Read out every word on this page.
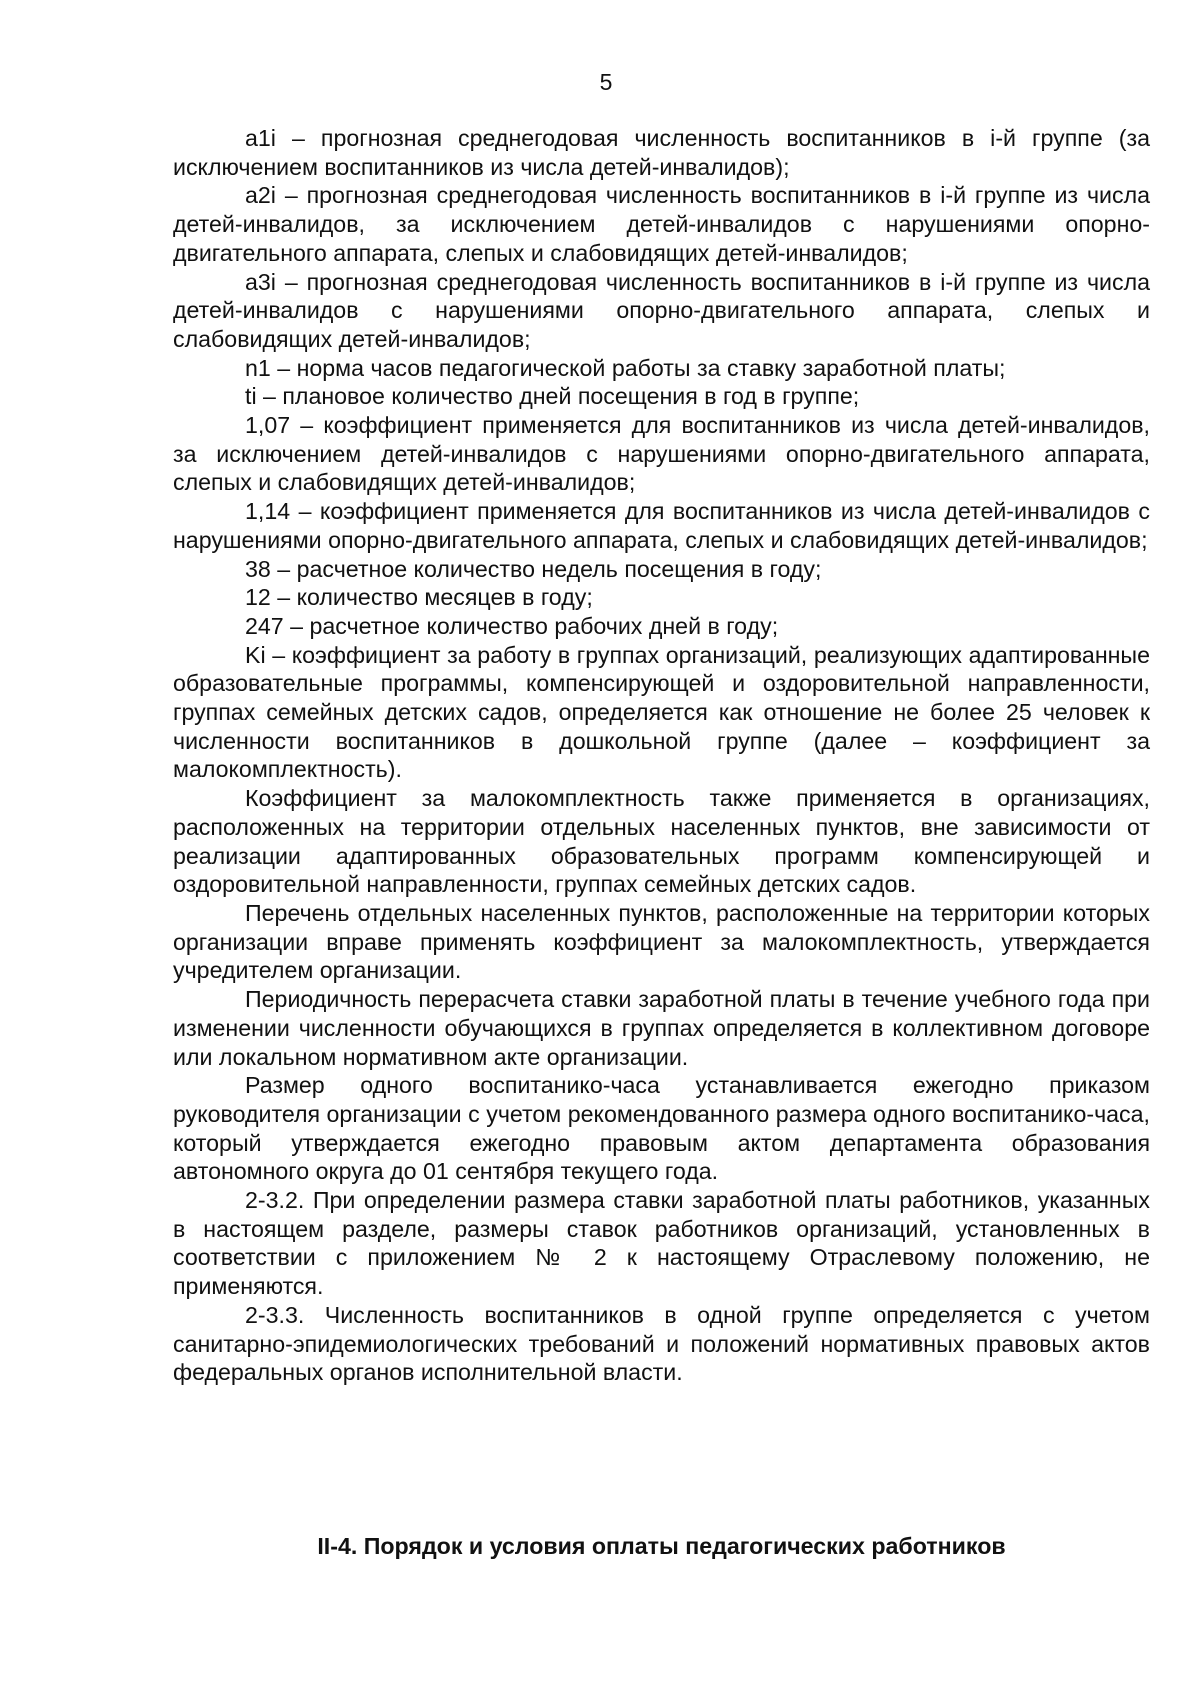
5

а1i – прогнозная среднегодовая численность воспитанников в i-й группе (за исключением воспитанников из числа детей-инвалидов);

а2i – прогнозная среднегодовая численность воспитанников в i-й группе из числа детей-инвалидов, за исключением детей-инвалидов с нарушениями опорно-двигательного аппарата, слепых и слабовидящих детей-инвалидов;

а3i – прогнозная среднегодовая численность воспитанников в i-й группе из числа детей-инвалидов с нарушениями опорно-двигательного аппарата, слепых и слабовидящих детей-инвалидов;

n1 – норма часов педагогической работы за ставку заработной платы;

ti – плановое количество дней посещения в год в группе;

1,07 – коэффициент применяется для воспитанников из числа детей-инвалидов, за исключением детей-инвалидов с нарушениями опорно-двигательного аппарата, слепых и слабовидящих детей-инвалидов;

1,14 – коэффициент применяется для воспитанников из числа детей-инвалидов с нарушениями опорно-двигательного аппарата, слепых и слабовидящих детей-инвалидов;

38 – расчетное количество недель посещения в году;

12 – количество месяцев в году;

247 – расчетное количество рабочих дней в году;

Ki – коэффициент за работу в группах организаций, реализующих адаптированные образовательные программы, компенсирующей и оздоровительной направленности, группах семейных детских садов, определяется как отношение не более 25 человек к численности воспитанников в дошкольной группе (далее – коэффициент за малокомплектность).

Коэффициент за малокомплектность также применяется в организациях, расположенных на территории отдельных населенных пунктов, вне зависимости от реализации адаптированных образовательных программ компенсирующей и оздоровительной направленности, группах семейных детских садов.

Перечень отдельных населенных пунктов, расположенные на территории которых организации вправе применять коэффициент за малокомплектность, утверждается учредителем организации.

Периодичность перерасчета ставки заработной платы в течение учебного года при изменении численности обучающихся в группах определяется в коллективном договоре или локальном нормативном акте организации.

Размер одного воспитанико-часа устанавливается ежегодно приказом руководителя организации с учетом рекомендованного размера одного воспитанико-часа, который утверждается ежегодно правовым актом департамента образования автономного округа до 01 сентября текущего года.

2-3.2. При определении размера ставки заработной платы работников, указанных в настоящем разделе, размеры ставок работников организаций, установленных в соответствии с приложением № 2 к настоящему Отраслевому положению, не применяются.

2-3.3. Численность воспитанников в одной группе определяется с учетом санитарно-эпидемиологических требований и положений нормативных правовых актов федеральных органов исполнительной власти.

II-4. Порядок и условия оплаты педагогических работников
